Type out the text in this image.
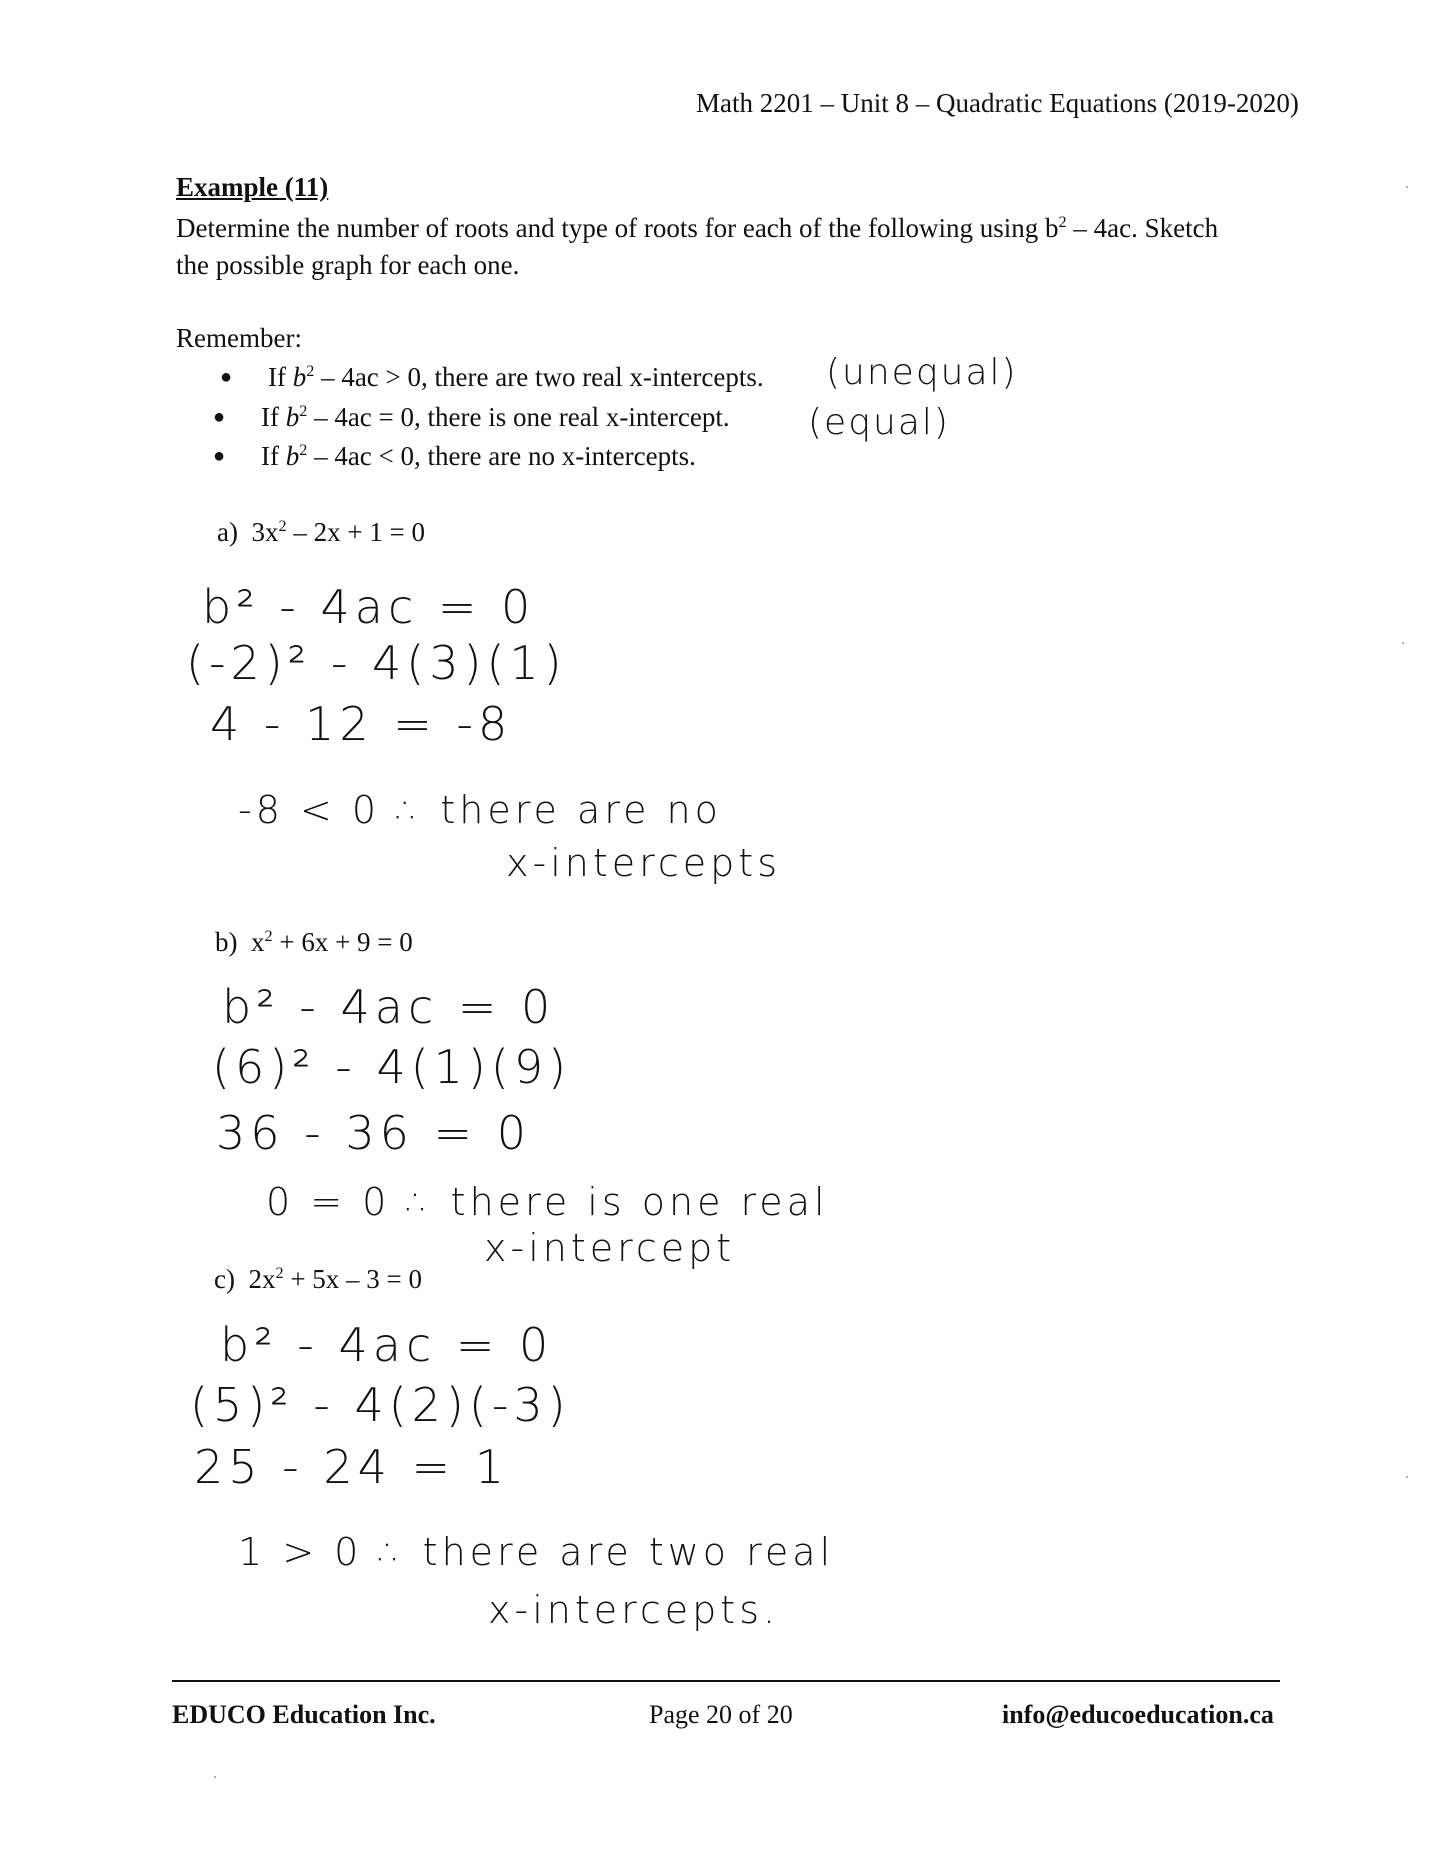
Math 2201 – Unit 8 – Quadratic Equations (2019-2020)
Example (11)
Determine the number of roots and type of roots for each of the following using $b^2 - 4ac$. Sketch
the possible graph for each one.
Remember:
● If $b^2 - 4ac > 0$, there are two real x-intercepts.
● If $b^2 - 4ac = 0$, there is one real x-intercept.
● If $b^2 - 4ac < 0$, there are no x-intercepts.
(unequal)
(equal)
a) $3x^2 - 2x + 1 = 0$
b² - 4ac = 0
(-2)² - 4(3)(1)
4 - 12 = -8
-8 < 0 ∴ there are no
x-intercepts
b) $x^2 + 6x + 9 = 0$
b² - 4ac = 0
(6)² - 4(1)(9)
36 - 36 = 0
0 = 0 ∴ there is one real
x-intercept
c) $2x^2 + 5x - 3 = 0$
b² - 4ac = 0
(5)² - 4(2)(-3)
25 - 24 = 1
1 > 0 ∴ there are two real
x-intercepts.
EDUCO Education Inc.	Page 20 of 20	info@educoeducation.ca
